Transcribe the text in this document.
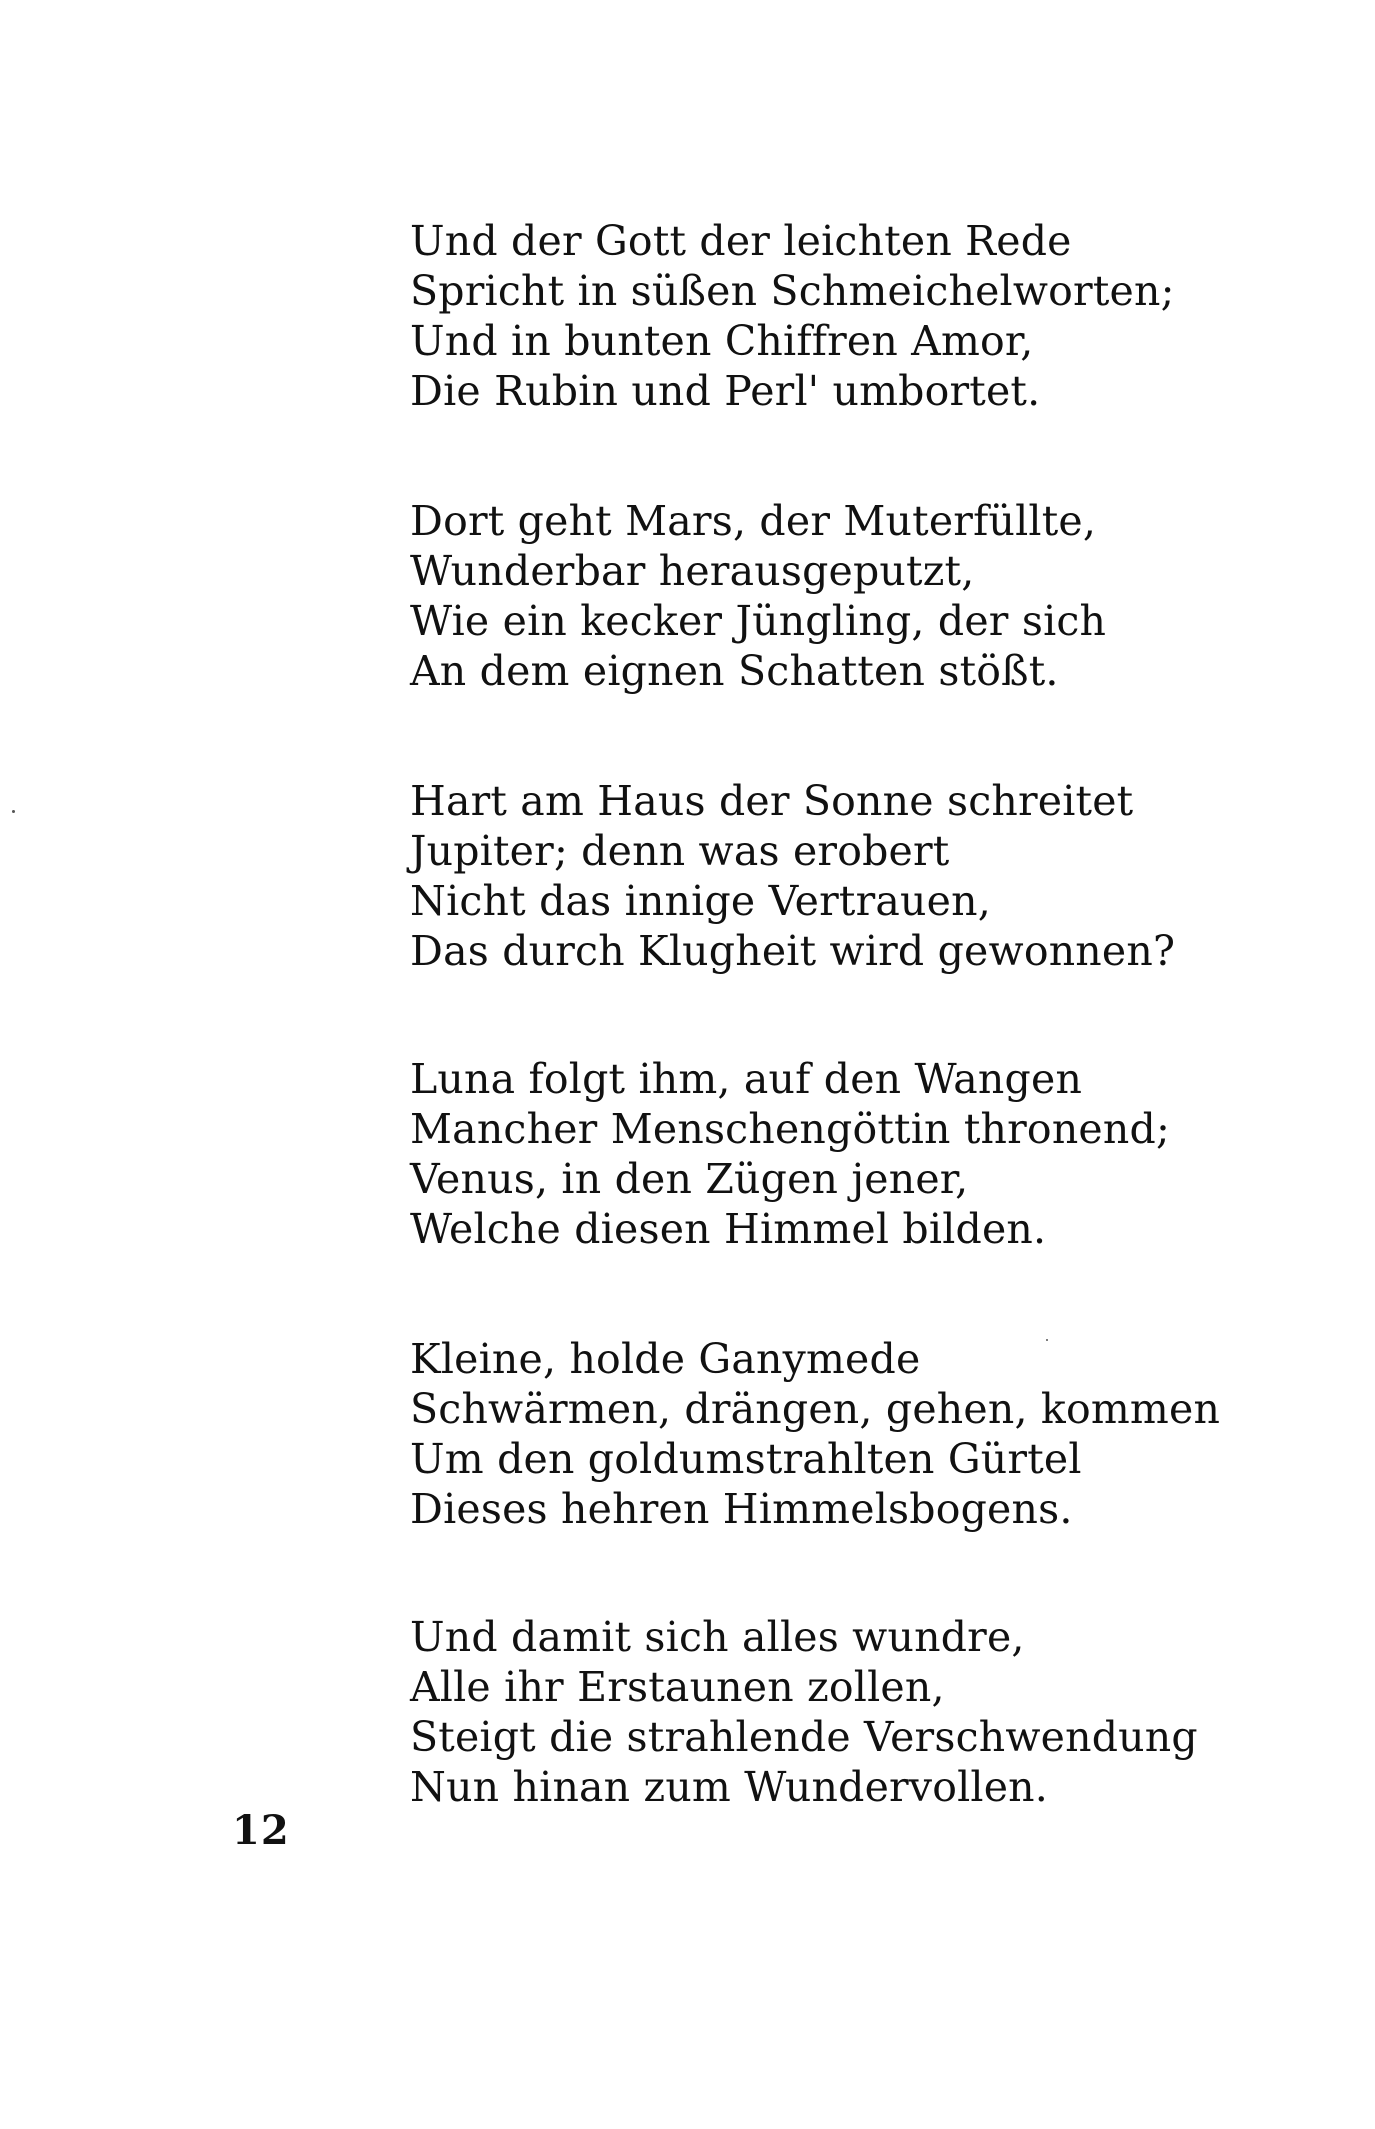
Und der Gott der leichten Rede
Spricht in süßen Schmeichelworten;
Und in bunten Chiffren Amor,
Die Rubin und Perl' umbortet.
Dort geht Mars, der Muterfüllte,
Wunderbar herausgeputzt,
Wie ein kecker Jüngling, der sich
An dem eignen Schatten stößt.
Hart am Haus der Sonne schreitet
Jupiter; denn was erobert
Nicht das innige Vertrauen,
Das durch Klugheit wird gewonnen?
Luna folgt ihm, auf den Wangen
Mancher Menschengöttin thronend;
Venus, in den Zügen jener,
Welche diesen Himmel bilden.
Kleine, holde Ganymede
Schwärmen, drängen, gehen, kommen
Um den goldumstrahlten Gürtel
Dieses hehren Himmelsbogens.
Und damit sich alles wundre,
Alle ihr Erstaunen zollen,
Steigt die strahlende Verschwendung
Nun hinan zum Wundervollen.
12
